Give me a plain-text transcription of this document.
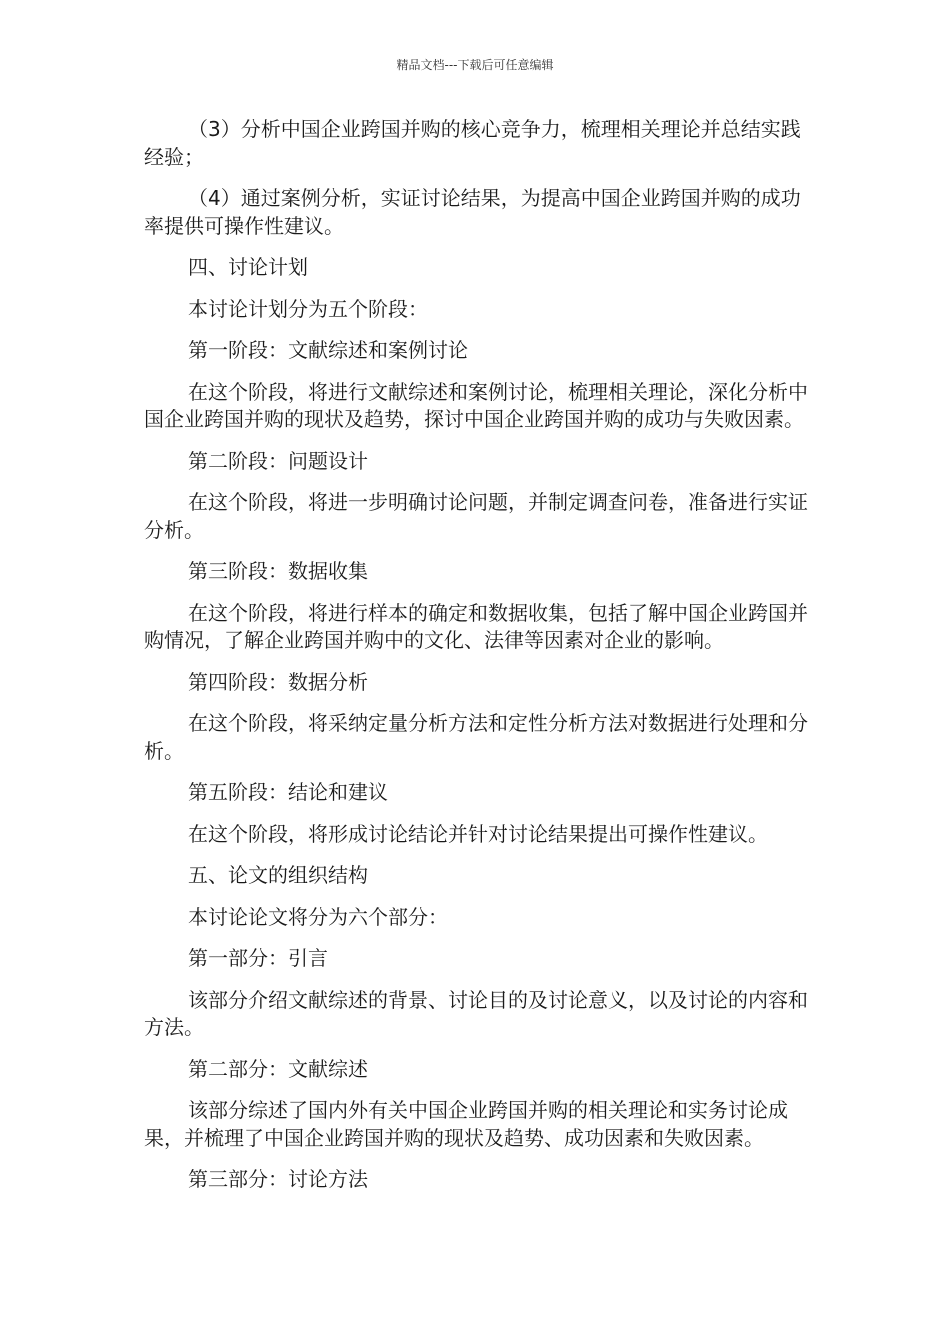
精品文档---下载后可任意编辑

（3）分析中国企业跨国并购的核心竞争力，梳理相关理论并总结实践经验；

（4）通过案例分析，实证讨论结果，为提高中国企业跨国并购的成功率提供可操作性建议。

四、讨论计划

本讨论计划分为五个阶段：

第一阶段：文献综述和案例讨论

在这个阶段，将进行文献综述和案例讨论，梳理相关理论，深化分析中国企业跨国并购的现状及趋势，探讨中国企业跨国并购的成功与失败因素。

第二阶段：问题设计

在这个阶段，将进一步明确讨论问题，并制定调查问卷，准备进行实证分析。

第三阶段：数据收集

在这个阶段，将进行样本的确定和数据收集，包括了解中国企业跨国并购情况，了解企业跨国并购中的文化、法律等因素对企业的影响。

第四阶段：数据分析

在这个阶段，将采纳定量分析方法和定性分析方法对数据进行处理和分析。

第五阶段：结论和建议

在这个阶段，将形成讨论结论并针对讨论结果提出可操作性建议。

五、论文的组织结构

本讨论论文将分为六个部分：

第一部分：引言

该部分介绍文献综述的背景、讨论目的及讨论意义，以及讨论的内容和方法。

第二部分：文献综述

该部分综述了国内外有关中国企业跨国并购的相关理论和实务讨论成果，并梳理了中国企业跨国并购的现状及趋势、成功因素和失败因素。

第三部分：讨论方法
